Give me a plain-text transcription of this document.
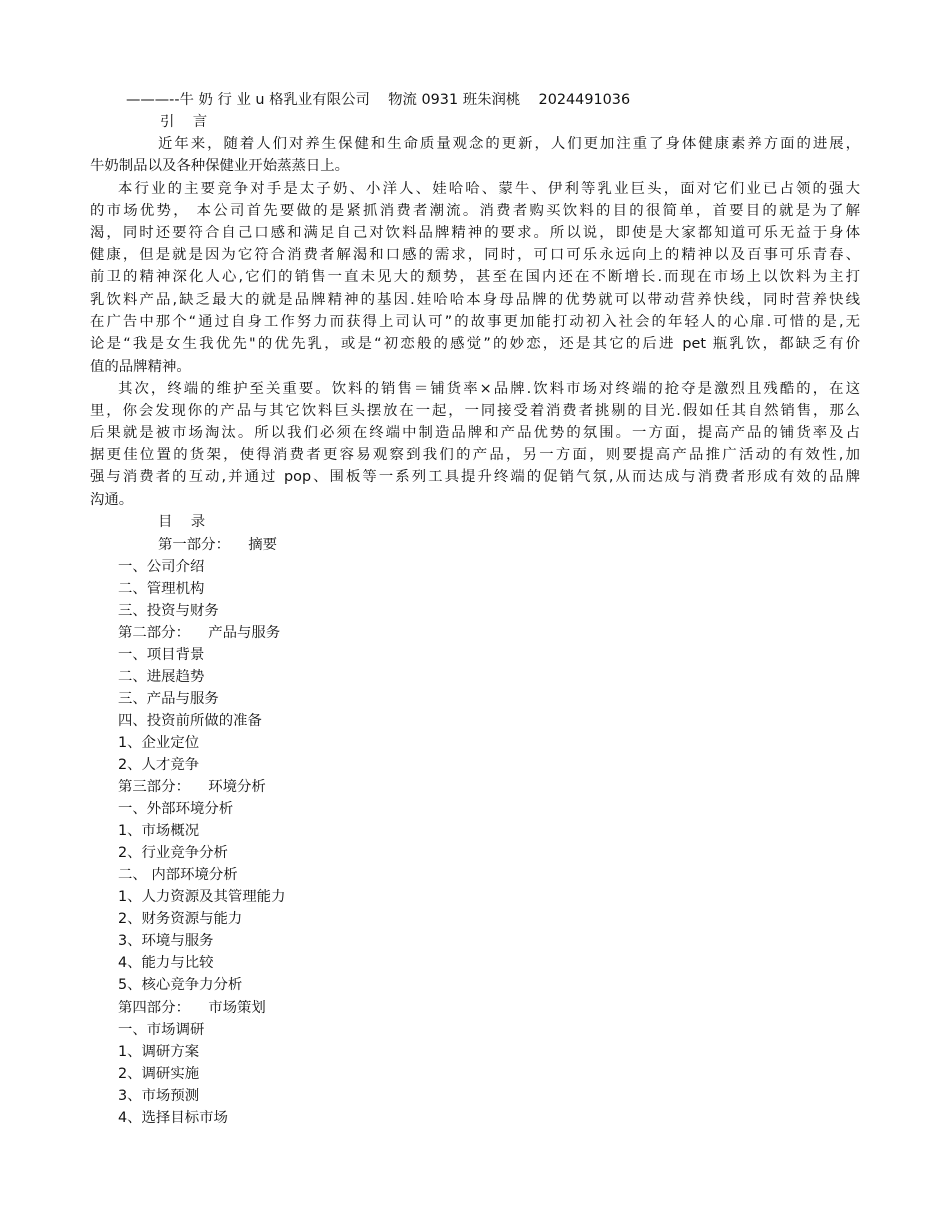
———--牛 奶 行 业 u 格乳业有限公司    物流 0931 班朱润桃    2024491036
引    言
近年来，随着人们对养生保健和生命质量观念的更新，人们更加注重了身体健康素养方面的进展，
牛奶制品以及各种保健业开始蒸蒸日上。
本行业的主要竞争对手是太子奶、小洋人、娃哈哈、蒙牛、伊利等乳业巨头，面对它们业已占领的强大
的市场优势， 本公司首先要做的是紧抓消费者潮流。消费者购买饮料的目的很简单，首要目的就是为了解
渴，同时还要符合自己口感和满足自己对饮料品牌精神的要求。所以说，即使是大家都知道可乐无益于身体
健康，但是就是因为它符合消费者解渴和口感的需求，同时，可口可乐永远向上的精神以及百事可乐青春、
前卫的精神深化人心,它们的销售一直未见大的颓势，甚至在国内还在不断增长.而现在市场上以饮料为主打
乳饮料产品,缺乏最大的就是品牌精神的基因.娃哈哈本身母品牌的优势就可以带动营养快线，同时营养快线
在广告中那个“通过自身工作努力而获得上司认可”的故事更加能打动初入社会的年轻人的心扉.可惜的是,无
论是“我是女生我优先"的优先乳，或是“初恋般的感觉”的妙恋，还是其它的后进 pet 瓶乳饮，都缺乏有价
值的品牌精神。
其次，终端的维护至关重要。饮料的销售＝铺货率×品牌.饮料市场对终端的抢夺是激烈且残酷的，在这
里，你会发现你的产品与其它饮料巨头摆放在一起，一同接受着消费者挑剔的目光.假如任其自然销售，那么
后果就是被市场淘汰。所以我们必须在终端中制造品牌和产品优势的氛围。一方面，提高产品的铺货率及占
据更佳位置的货架，使得消费者更容易观察到我们的产品，另一方面，则要提高产品推广活动的有效性,加
强与消费者的互动,并通过 pop、围板等一系列工具提升终端的促销气氛,从而达成与消费者形成有效的品牌
沟通。
目    录
第一部分：    摘要
一、公司介绍
二、管理机构
三、投资与财务
第二部分：    产品与服务
一、项目背景
二、进展趋势
三、产品与服务
四、投资前所做的准备
1、企业定位
2、人才竞争
第三部分：    环境分析
一、外部环境分析
1、市场概况
2、行业竞争分析
二、 内部环境分析
1、人力资源及其管理能力
2、财务资源与能力
3、环境与服务
4、能力与比较
5、核心竞争力分析
第四部分：    市场策划
一、市场调研
1、调研方案
2、调研实施
3、市场预测
4、选择目标市场
